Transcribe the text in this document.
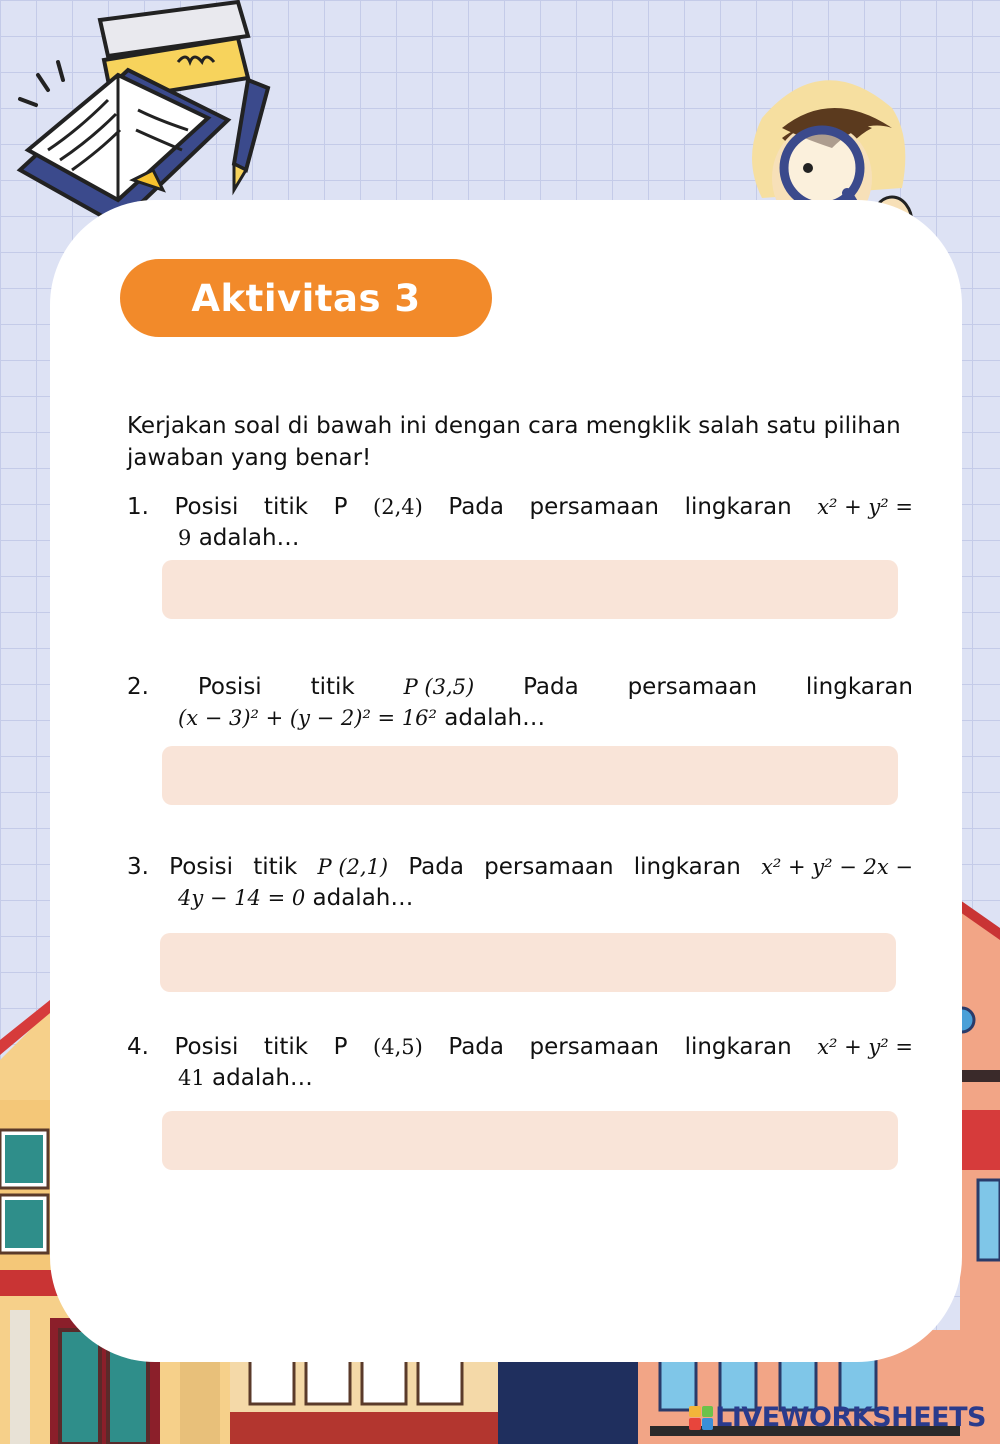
Aktivitas 3
Kerjakan soal di bawah ini dengan cara mengklik salah satu pilihan jawaban yang benar!
1. Posisi titik P (2,4) Pada persamaan lingkaran x² + y² =
9 adalah…
2. Posisi titik P (3,5) Pada persamaan lingkaran
(x − 3)² + (y − 2)² = 16² adalah…
3. Posisi titik P (2,1) Pada persamaan lingkaran x² + y² − 2x −
4y − 14 = 0 adalah…
4. Posisi titik P (4,5) Pada persamaan lingkaran x² + y² =
41 adalah…
LIVEWORKSHEETS
